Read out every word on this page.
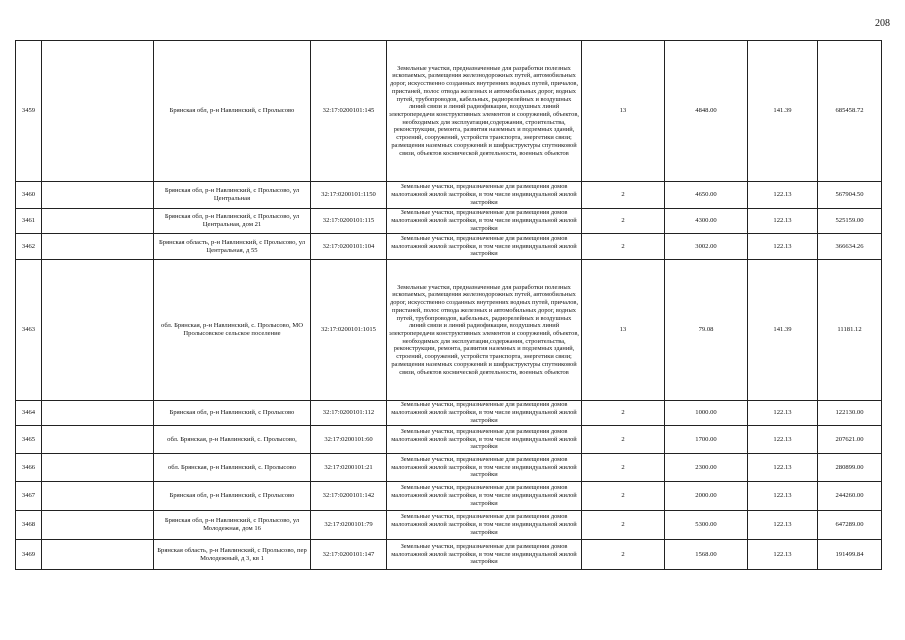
208
3459		Брянская обл, р-н Навлинский, с Пролысово	32:17:0200101:145	Земельные участки, предназначенные для разработки полезных ископаемых, размещения железнодорожных путей, автомобильных дорог, искусственно созданных внутренних водных путей, причалов, пристаней, полос отвода железных и автомобильных дорог, водных путей, трубопроводов, кабельных, радиорелейных и воздушных линий связи и линий радиофикации, воздушных линий электропередачи конструктивных элементов и сооружений, объектов, необходимых для эксплуатации,содержания, строительства, реконструкции, ремонта, развития наземных и подземных зданий, строений, сооружений, устройств транспорта, энергетики связи; размещения наземных сооружений и шифраструктуры спутниковой связи, объектов космической деятельности, военных объектов	13	4848.00	141.39	685458.72
3460		Брянская обл, р-н Навлинский, с Пролысово, ул Центральная	32:17:0200101:1150	Земельные участки, предназначенные для размещения домов малоэтажной жилой застройки, в том числе индивидуальной жилой застройки	2	4650.00	122.13	567904.50
3461		Брянская обл, р-н Навлинский, с Пролысово, ул Центральная, дом 21	32:17:0200101:115	Земельные участки, предназначенные для размещения домов малоэтажной жилой застройки, в том числе индивидуальной жилой застройки	2	4300.00	122.13	525159.00
3462		Брянская область, р-н Навлинский, с Пролысово, ул Центральная, д 55	32:17:0200101:104	Земельные участки, предназначенные для размещения домов малоэтажной жилой застройки, в том числе индивидуальной жилой застройки	2	3002.00	122.13	366634.26
3463		обл. Брянская, р-н Навлинский, с. Пролысово, МО Пролысовское сельское поселение	32:17:0200101:1015	Земельные участки, предназначенные для разработки полезных ископаемых, размещения железнодорожных путей, автомобильных дорог, искусственно созданных внутренних водных путей, причалов, пристаней, полос отвода железных и автомобильных дорог, водных путей, трубопроводов, кабельных, радиорелейных и воздушных линий связи и линий радиофикации, воздушных линий электропередачи конструктивных элементов и сооружений, объектов, необходимых для эксплуатации,содержания, строительства, реконструкции, ремонта, развития наземных и подземных зданий, строений, сооружений, устройств транспорта, энергетики связи; размещения наземных сооружений и шифраструктуры спутниковой связи, объектов космической деятельности, военных объектов	13	79.08	141.39	11181.12
3464		Брянская обл, р-н Навлинский, с Пролысово	32:17:0200101:112	Земельные участки, предназначенные для размещения домов малоэтажной жилой застройки, в том числе индивидуальной жилой застройки	2	1000.00	122.13	122130.00
3465		обл. Брянская, р-н Навлинский, с. Пролысово,	32:17:0200101:60	Земельные участки, предназначенные для размещения домов малоэтажной жилой застройки, в том числе индивидуальной жилой застройки	2	1700.00	122.13	207621.00
3466		обл. Брянская, р-н Навлинский, с. Пролысово	32:17:0200101:21	Земельные участки, предназначенные для размещения домов малоэтажной жилой застройки, в том числе индивидуальной жилой застройки	2	2300.00	122.13	280899.00
3467		Брянская обл, р-н Навлинский, с Пролысово	32:17:0200101:142	Земельные участки, предназначенные для размещения домов малоэтажной жилой застройки, в том числе индивидуальной жилой застройки	2	2000.00	122.13	244260.00
3468		Брянская обл, р-н Навлинский, с Пролысово, ул Молодежная, дом 16	32:17:0200101:79	Земельные участки, предназначенные для размещения домов малоэтажной жилой застройки, в том числе индивидуальной жилой застройки	2	5300.00	122.13	647289.00
3469		Брянская область, р-н Навлинский, с Пролысово, пер Молодежный, д 3, кв 1	32:17:0200101:147	Земельные участки, предназначенные для размещения домов малоэтажной жилой застройки, в том числе индивидуальной жилой застройки	2	1568.00	122.13	191499.84
